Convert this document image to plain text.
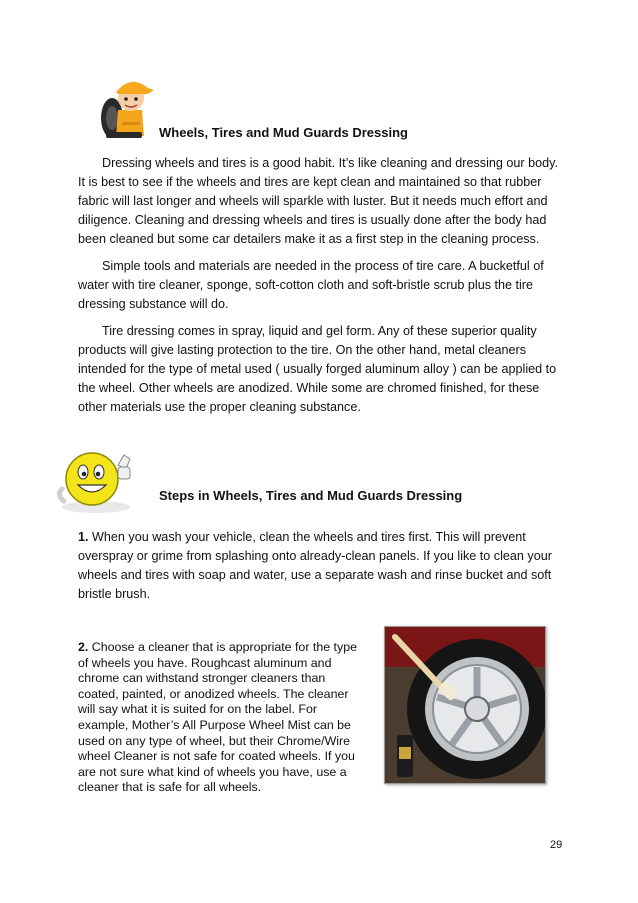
Wheels, Tires and Mud Guards Dressing

Dressing wheels and tires is a good habit. It’s like cleaning and dressing our body. It is best to see if the wheels and tires are kept clean and maintained so that rubber fabric will last longer and wheels will sparkle with luster. But it needs much effort and diligence. Cleaning and dressing wheels and tires is usually done after the body had been cleaned but some car detailers make it as a first step in the cleaning process.

Simple tools and materials are needed in the process of tire care. A bucketful of water with tire cleaner, sponge, soft-cotton cloth and soft-bristle scrub plus the tire dressing substance will do.

Tire dressing comes in spray, liquid and gel form. Any of these superior quality products will give lasting protection to the tire. On the other hand, metal cleaners intended for the type of metal used ( usually forged aluminum alloy ) can be applied to the wheel. Other wheels are anodized. While some are chromed finished, for these other materials use the proper cleaning substance.

Steps in Wheels, Tires and Mud Guards Dressing
1. When you wash your vehicle, clean the wheels and tires first. This will prevent overspray or grime from splashing onto already-clean panels. If you like to clean your wheels and tires with soap and water, use a separate wash and rinse bucket and soft bristle brush.
2. Choose a cleaner that is appropriate for the type of wheels you have. Roughcast aluminum and chrome can withstand stronger cleaners than coated, painted, or anodized wheels. The cleaner will say what it is suited for on the label. For example, Mother’s All Purpose Wheel Mist can be used on any type of wheel, but their Chrome/Wire wheel Cleaner is not safe for coated wheels. If you are not sure what kind of wheels you have, use a cleaner that is safe for all wheels.
29
